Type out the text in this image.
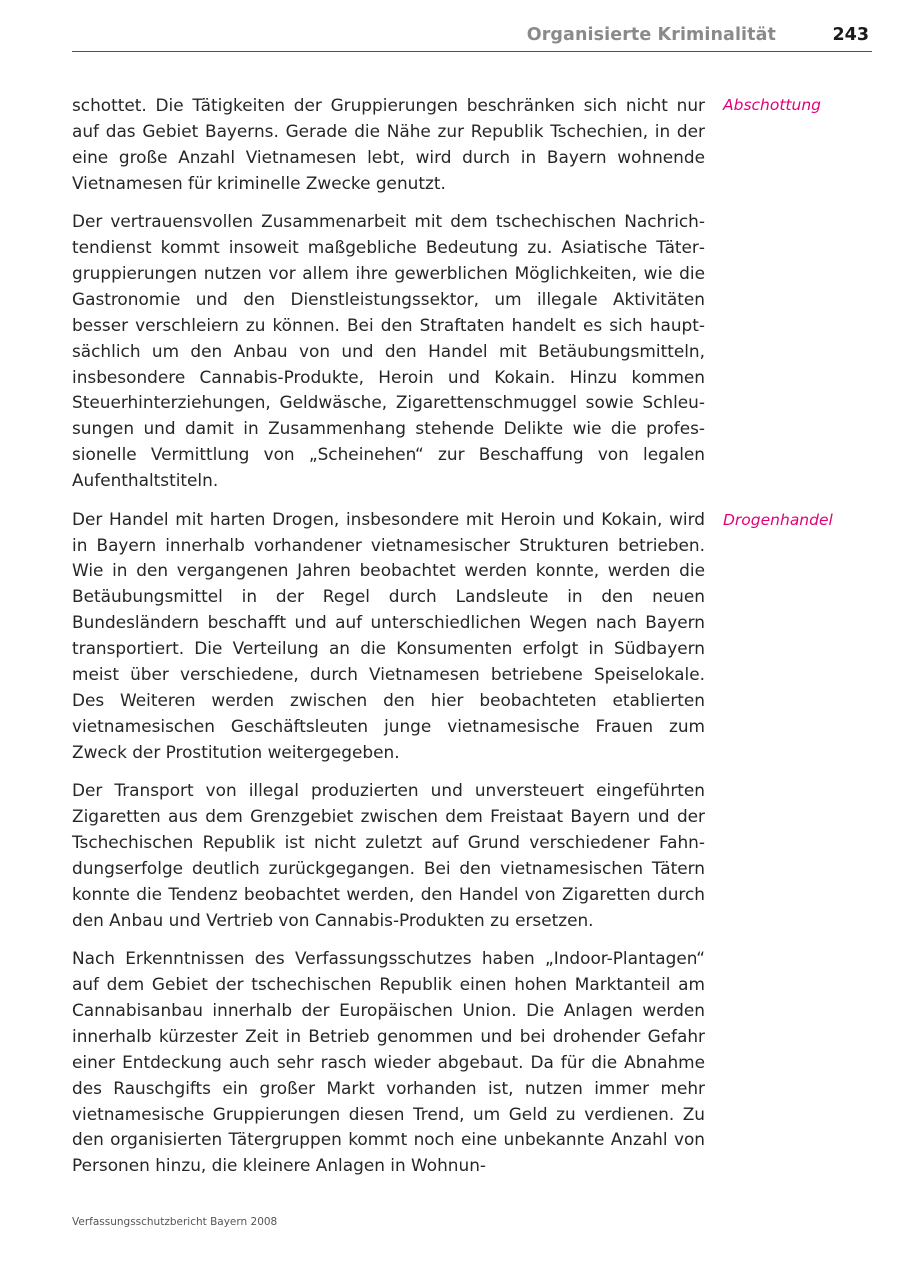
Organisierte Kriminalität	243
Abschottung
Drogenhandel

schottet. Die Tätigkeiten der Gruppierungen beschränken sich nicht nur auf das Gebiet Bayerns. Gerade die Nähe zur Republik Tschechien, in der eine große Anzahl Vietnamesen lebt, wird durch in Bayern wohnende Vietnamesen für kriminelle Zwecke genutzt.

Der vertrauensvollen Zusammenarbeit mit dem tschechischen Nachrichtendienst kommt insoweit maßgebliche Bedeutung zu. Asiatische Tätergruppierungen nutzen vor allem ihre gewerblichen Möglichkeiten, wie die Gastronomie und den Dienstleistungssektor, um illegale Aktivitäten besser verschleiern zu können. Bei den Straftaten handelt es sich hauptsächlich um den Anbau von und den Handel mit Betäubungsmitteln, insbesondere Cannabis-Produkte, Heroin und Kokain. Hinzu kommen Steuerhinterziehungen, Geldwäsche, Zigarettenschmuggel sowie Schleusungen und damit in Zusammenhang stehende Delikte wie die professionelle Vermittlung von „Scheinehen“ zur Beschaffung von legalen Aufenthaltstiteln.

Der Handel mit harten Drogen, insbesondere mit Heroin und Kokain, wird in Bayern innerhalb vorhandener vietnamesischer Strukturen betrieben. Wie in den vergangenen Jahren beobachtet werden konnte, werden die Betäubungsmittel in der Regel durch Landsleute in den neuen Bundesländern beschafft und auf unterschiedlichen Wegen nach Bayern transportiert. Die Verteilung an die Konsumenten erfolgt in Südbayern meist über verschiedene, durch Vietnamesen betriebene Speiselokale. Des Weiteren werden zwischen den hier beobachteten etablierten vietnamesischen Geschäftsleuten junge vietnamesische Frauen zum Zweck der Prostitution weitergegeben.

Der Transport von illegal produzierten und unversteuert eingeführten Zigaretten aus dem Grenzgebiet zwischen dem Freistaat Bayern und der Tschechischen Republik ist nicht zuletzt auf Grund verschiedener Fahndungserfolge deutlich zurückgegangen. Bei den vietnamesischen Tätern konnte die Tendenz beobachtet werden, den Handel von Zigaretten durch den Anbau und Vertrieb von Cannabis-Produkten zu ersetzen.

Nach Erkenntnissen des Verfassungsschutzes haben „Indoor-Plantagen“ auf dem Gebiet der tschechischen Republik einen hohen Marktanteil am Cannabisanbau innerhalb der Europäischen Union. Die Anlagen werden innerhalb kürzester Zeit in Betrieb genommen und bei drohender Gefahr einer Entdeckung auch sehr rasch wieder abgebaut. Da für die Abnahme des Rauschgifts ein großer Markt vorhanden ist, nutzen immer mehr vietnamesische Gruppierungen diesen Trend, um Geld zu verdienen. Zu den organisierten Tätergruppen kommt noch eine unbekannte Anzahl von Personen hinzu, die kleinere Anlagen in Wohnun-

Verfassungsschutzbericht Bayern 2008
